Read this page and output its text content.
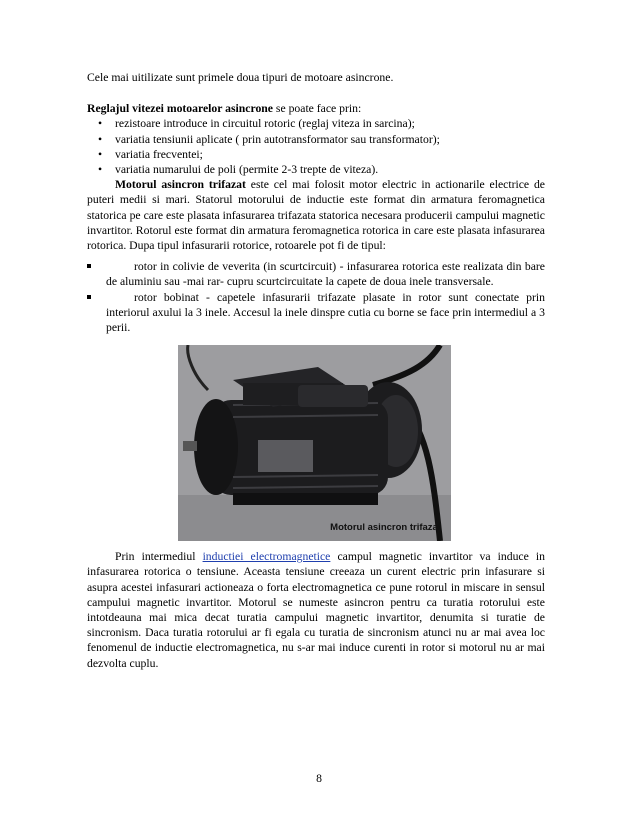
Cele mai uitilizate sunt primele doua tipuri de motoare asincrone.

Reglajul vitezei motoarelor asincrone se poate face prin:

• rezistoare introduce in circuitul rotoric (reglaj viteza in sarcina);
• variatia tensiunii aplicate ( prin autotransformator sau transformator);
• variatia frecventei;
• variatia numarului de poli (permite 2-3 trepte de viteza).

Motorul asincron trifazat este cel mai folosit motor electric in actionarile electrice de puteri medii si mari. Statorul motorului de inductie este format din armatura feromagnetica statorica pe care este plasata infasurarea trifazata statorica necesara producerii campului magnetic invartitor. Rotorul este format din armatura feromagnetica rotorica in care este plasata infasurarea rotorica. Dupa tipul infasurarii rotorice, rotoarele pot fi de tipul:

rotor in colivie de veverita (in scurtcircuit) - infasurarea rotorica este realizata din bare de aluminiu sau -mai rar- cupru scurtcircuitate la capete de doua inele transversale.
rotor bobinat - capetele infasurarii trifazate plasate in rotor sunt conectate prin interiorul axului la 3 inele. Accesul la inele dinspre cutia cu borne se face prin intermediul a 3 perii.
Motorul asincron trifazat

Prin intermediul inductiei electromagnetice campul magnetic invartitor va induce in infasurarea rotorica o tensiune. Aceasta tensiune creeaza un curent electric prin infasurare si asupra acestei infasurari actioneaza o forta electromagnetica ce pune rotorul in miscare in sensul campului magnetic invartitor. Motorul se numeste asincron pentru ca turatia rotorului este intotdeauna mai mica decat turatia campului magnetic invartitor, denumita si turatie de sincronism. Daca turatia rotorului ar fi egala cu turatia de sincronism atunci nu ar mai avea loc fenomenul de inductie electromagnetica, nu s-ar mai induce curenti in rotor si motorul nu ar mai dezvolta cuplu.

8
